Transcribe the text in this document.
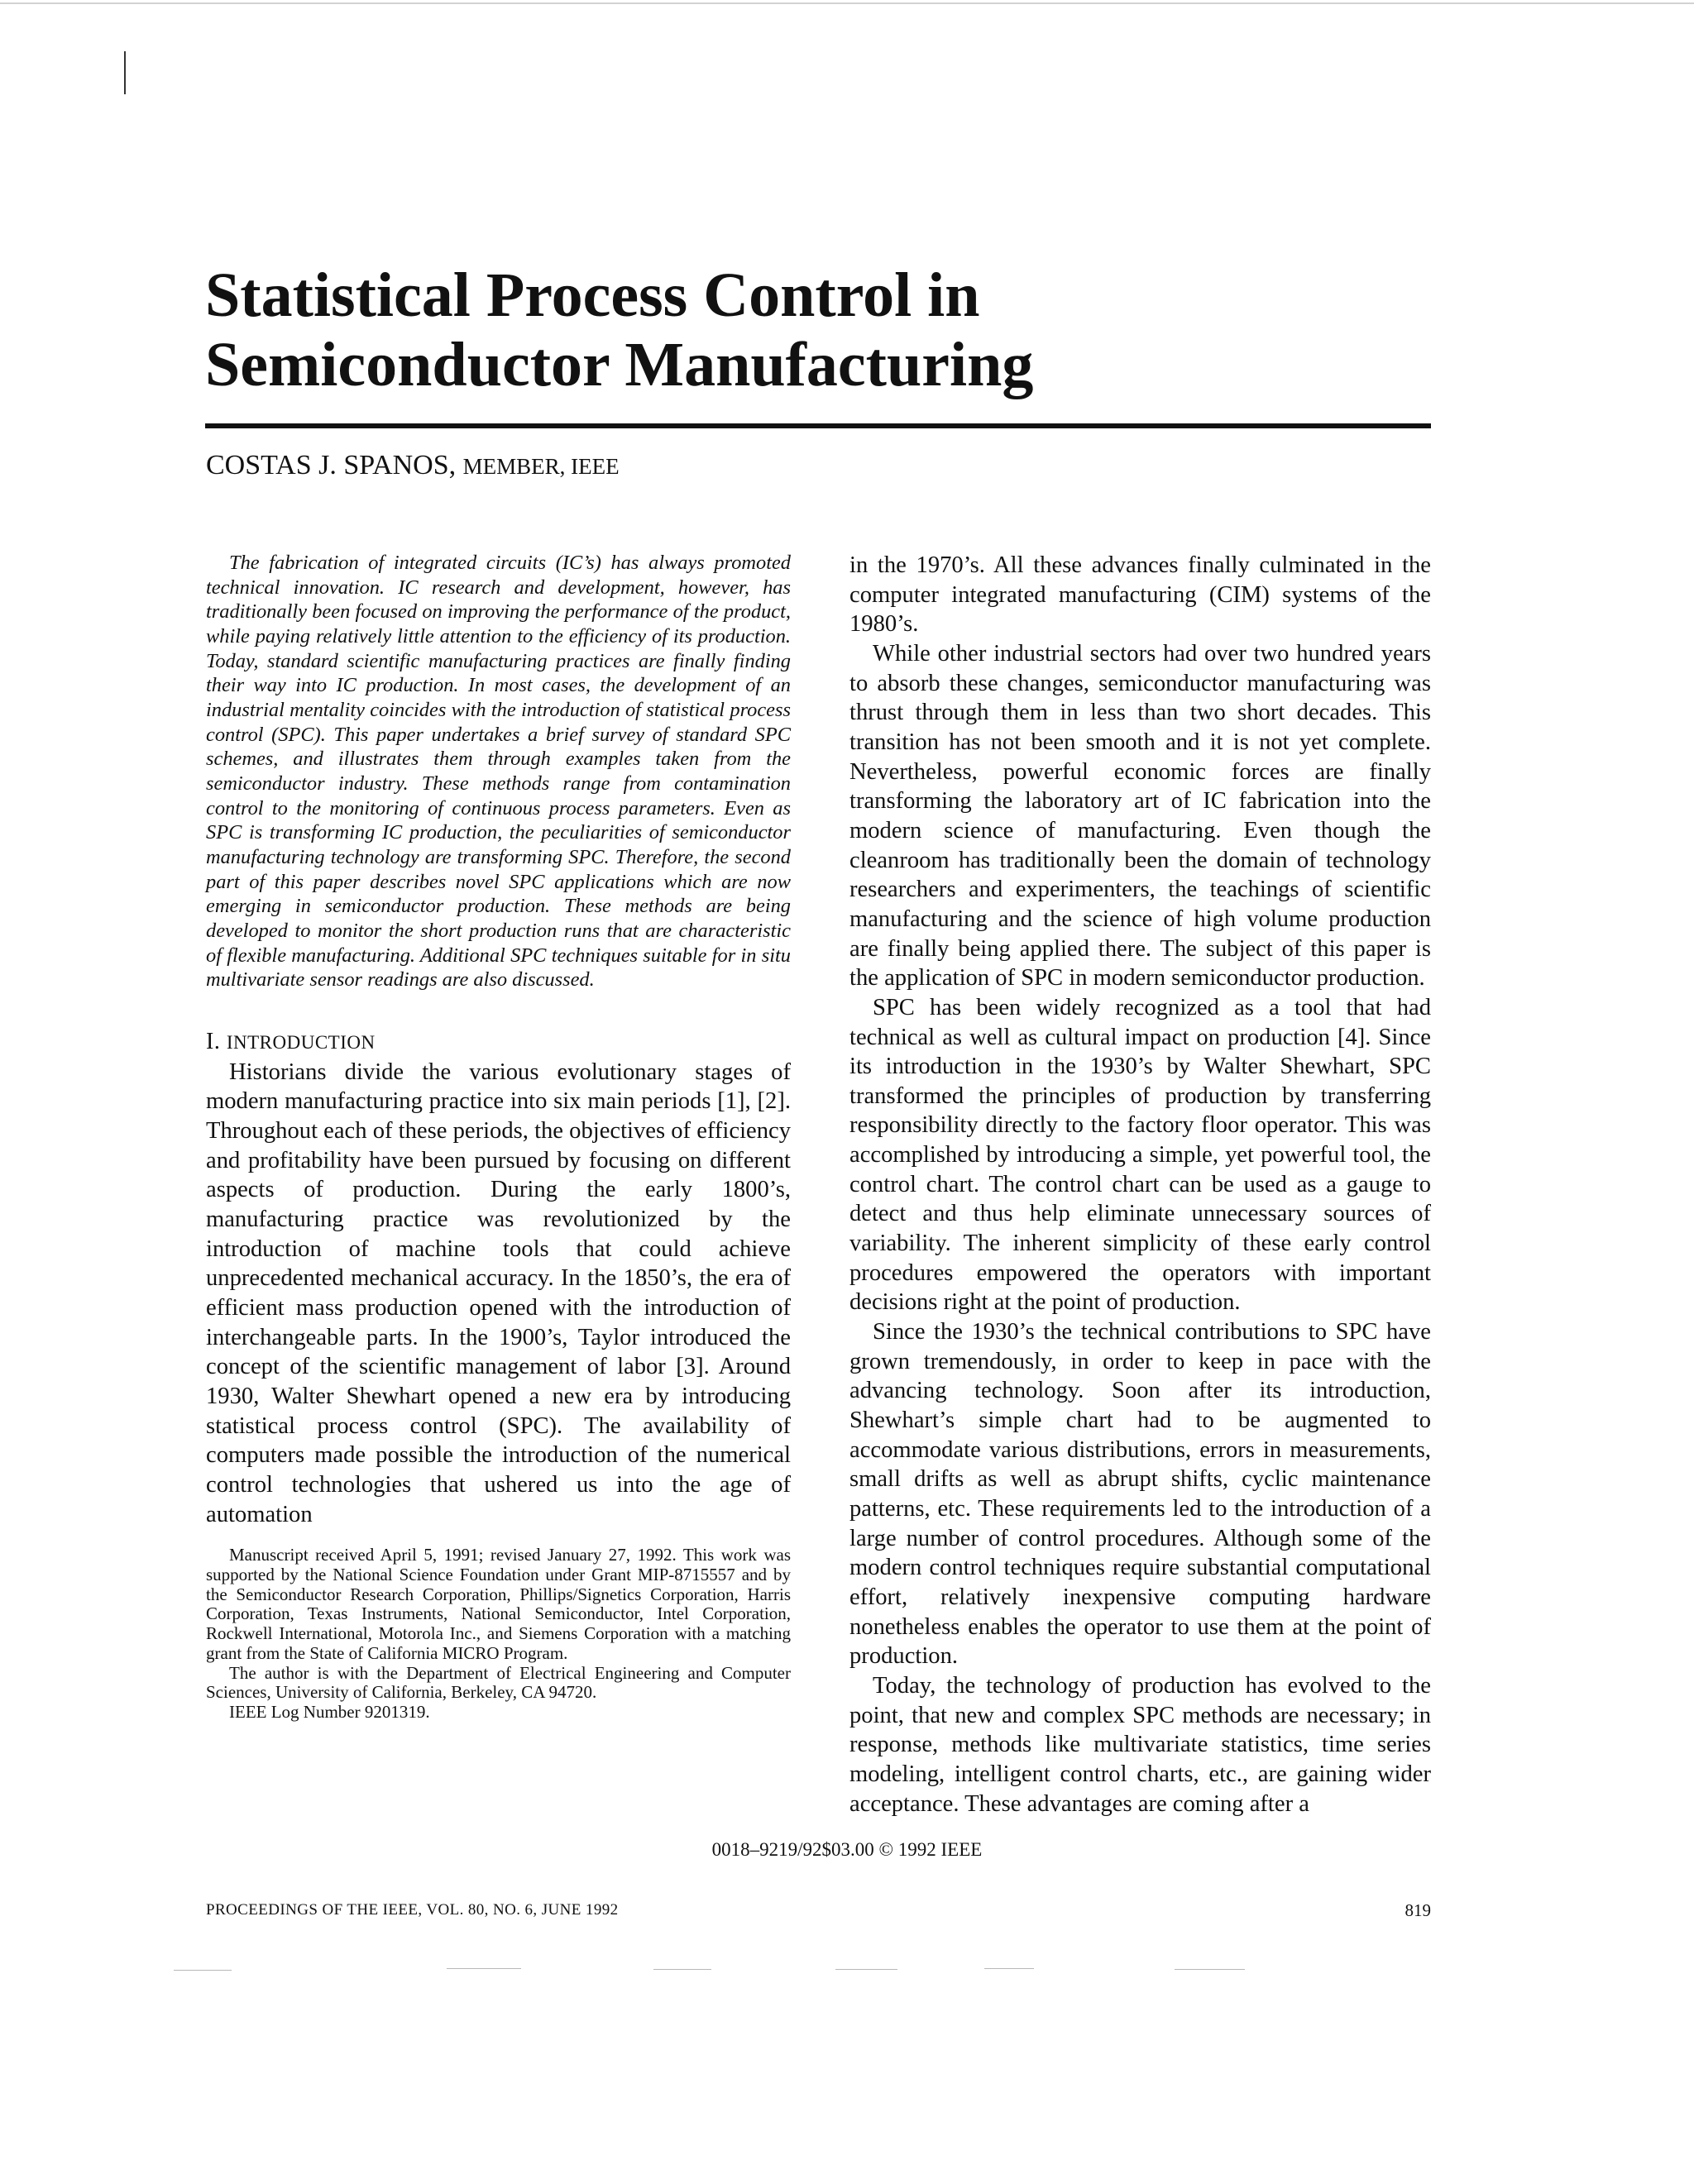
Statistical Process Control in
Semiconductor Manufacturing
COSTAS J. SPANOS, MEMBER, IEEE

The fabrication of integrated circuits (IC’s) has always promoted technical innovation. IC research and development, however, has traditionally been focused on improving the performance of the product, while paying relatively little attention to the efficiency of its production. Today, standard scientific manufacturing practices are finally finding their way into IC production. In most cases, the development of an industrial mentality coincides with the introduction of statistical process control (SPC). This paper undertakes a brief survey of standard SPC schemes, and illustrates them through examples taken from the semiconductor industry. These methods range from contamination control to the monitoring of continuous process parameters. Even as SPC is transforming IC production, the peculiarities of semiconductor manufacturing technology are transforming SPC. Therefore, the second part of this paper describes novel SPC applications which are now emerging in semiconductor production. These methods are being developed to monitor the short production runs that are characteristic of flexible manufacturing. Additional SPC techniques suitable for in situ multivariate sensor readings are also discussed.

I. INTRODUCTION

Historians divide the various evolutionary stages of modern manufacturing practice into six main periods [1], [2]. Throughout each of these periods, the objectives of efficiency and profitability have been pursued by focusing on different aspects of production. During the early 1800’s, manufacturing practice was revolutionized by the introduction of machine tools that could achieve unprecedented mechanical accuracy. In the 1850’s, the era of efficient mass production opened with the introduction of interchangeable parts. In the 1900’s, Taylor introduced the concept of the scientific management of labor [3]. Around 1930, Walter Shewhart opened a new era by introducing statistical process control (SPC). The availability of computers made possible the introduction of the numerical control technologies that ushered us into the age of automation

Manuscript received April 5, 1991; revised January 27, 1992. This work was supported by the National Science Foundation under Grant MIP-8715557 and by the Semiconductor Research Corporation, Phillips/Signetics Corporation, Harris Corporation, Texas Instruments, National Semiconductor, Intel Corporation, Rockwell International, Motorola Inc., and Siemens Corporation with a matching grant from the State of California MICRO Program.

The author is with the Department of Electrical Engineering and Computer Sciences, University of California, Berkeley, CA 94720.

IEEE Log Number 9201319.

in the 1970’s. All these advances finally culminated in the computer integrated manufacturing (CIM) systems of the 1980’s.

While other industrial sectors had over two hundred years to absorb these changes, semiconductor manufacturing was thrust through them in less than two short decades. This transition has not been smooth and it is not yet complete. Nevertheless, powerful economic forces are finally transforming the laboratory art of IC fabrication into the modern science of manufacturing. Even though the cleanroom has traditionally been the domain of technology researchers and experimenters, the teachings of scientific manufacturing and the science of high volume production are finally being applied there. The subject of this paper is the application of SPC in modern semiconductor production.

SPC has been widely recognized as a tool that had technical as well as cultural impact on production [4]. Since its introduction in the 1930’s by Walter Shewhart, SPC transformed the principles of production by transferring responsibility directly to the factory floor operator. This was accomplished by introducing a simple, yet powerful tool, the control chart. The control chart can be used as a gauge to detect and thus help eliminate unnecessary sources of variability. The inherent simplicity of these early control procedures empowered the operators with important decisions right at the point of production.

Since the 1930’s the technical contributions to SPC have grown tremendously, in order to keep in pace with the advancing technology. Soon after its introduction, Shewhart’s simple chart had to be augmented to accommodate various distributions, errors in measurements, small drifts as well as abrupt shifts, cyclic maintenance patterns, etc. These requirements led to the introduction of a large number of control procedures. Although some of the modern control techniques require substantial computational effort, relatively inexpensive computing hardware nonetheless enables the operator to use them at the point of production.

Today, the technology of production has evolved to the point, that new and complex SPC methods are necessary; in response, methods like multivariate statistics, time series modeling, intelligent control charts, etc., are gaining wider acceptance. These advantages are coming after a

0018–9219/92$03.00 © 1992 IEEE
PROCEEDINGS OF THE IEEE, VOL. 80, NO. 6, JUNE 1992	819
